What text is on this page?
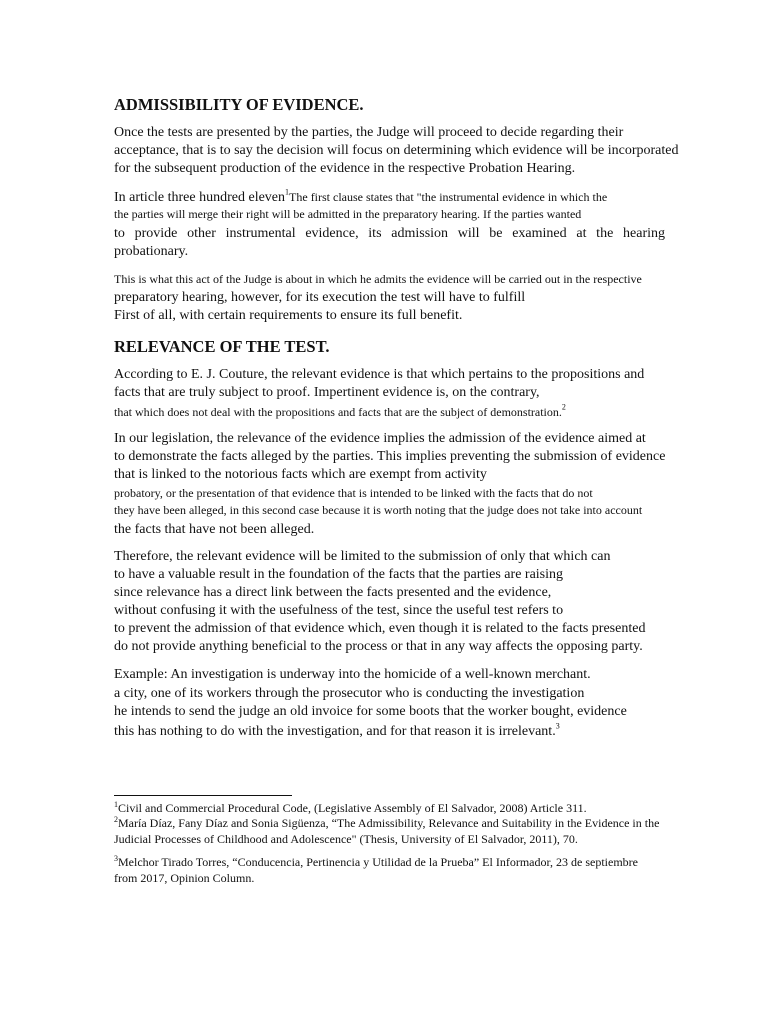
ADMISSIBILITY OF EVIDENCE.
Once the tests are presented by the parties, the Judge will proceed to decide regarding their
acceptance, that is to say the decision will focus on determining which evidence will be incorporated
for the subsequent production of the evidence in the respective Probation Hearing.
In article three hundred eleven$^1$The first clause states that "the instrumental evidence in which the
the parties will merge their right will be admitted in the preparatory hearing. If the parties wanted
to provide other instrumental evidence, its admission will be examined at the hearing
probationary.
This is what this act of the Judge is about in which he admits the evidence will be carried out in the respective
preparatory hearing, however, for its execution the test will have to fulfill
First of all, with certain requirements to ensure its full benefit.
RELEVANCE OF THE TEST.
According to E. J. Couture, the relevant evidence is that which pertains to the propositions and
facts that are truly subject to proof. Impertinent evidence is, on the contrary,
that which does not deal with the propositions and facts that are the subject of demonstration.$^2$
In our legislation, the relevance of the evidence implies the admission of the evidence aimed at
to demonstrate the facts alleged by the parties. This implies preventing the submission of evidence
that is linked to the notorious facts which are exempt from activity
probatory, or the presentation of that evidence that is intended to be linked with the facts that do not
they have been alleged, in this second case because it is worth noting that the judge does not take into account
the facts that have not been alleged.
Therefore, the relevant evidence will be limited to the submission of only that which can
to have a valuable result in the foundation of the facts that the parties are raising
since relevance has a direct link between the facts presented and the evidence,
without confusing it with the usefulness of the test, since the useful test refers to
to prevent the admission of that evidence which, even though it is related to the facts presented
do not provide anything beneficial to the process or that in any way affects the opposing party.
Example: An investigation is underway into the homicide of a well-known merchant.
a city, one of its workers through the prosecutor who is conducting the investigation
he intends to send the judge an old invoice for some boots that the worker bought, evidence
this has nothing to do with the investigation, and for that reason it is irrelevant.$^3$
$^1$Civil and Commercial Procedural Code, (Legislative Assembly of El Salvador, 2008) Article 311.
$^2$María Díaz, Fany Díaz and Sonia Sigüenza, “The Admissibility, Relevance and Suitability in the Evidence in the
Judicial Processes of Childhood and Adolescence" (Thesis, University of El Salvador, 2011), 70.
$^3$Melchor Tirado Torres, “Conducencia, Pertinencia y Utilidad de la Prueba” El Informador, 23 de septiembre
from 2017, Opinion Column.
